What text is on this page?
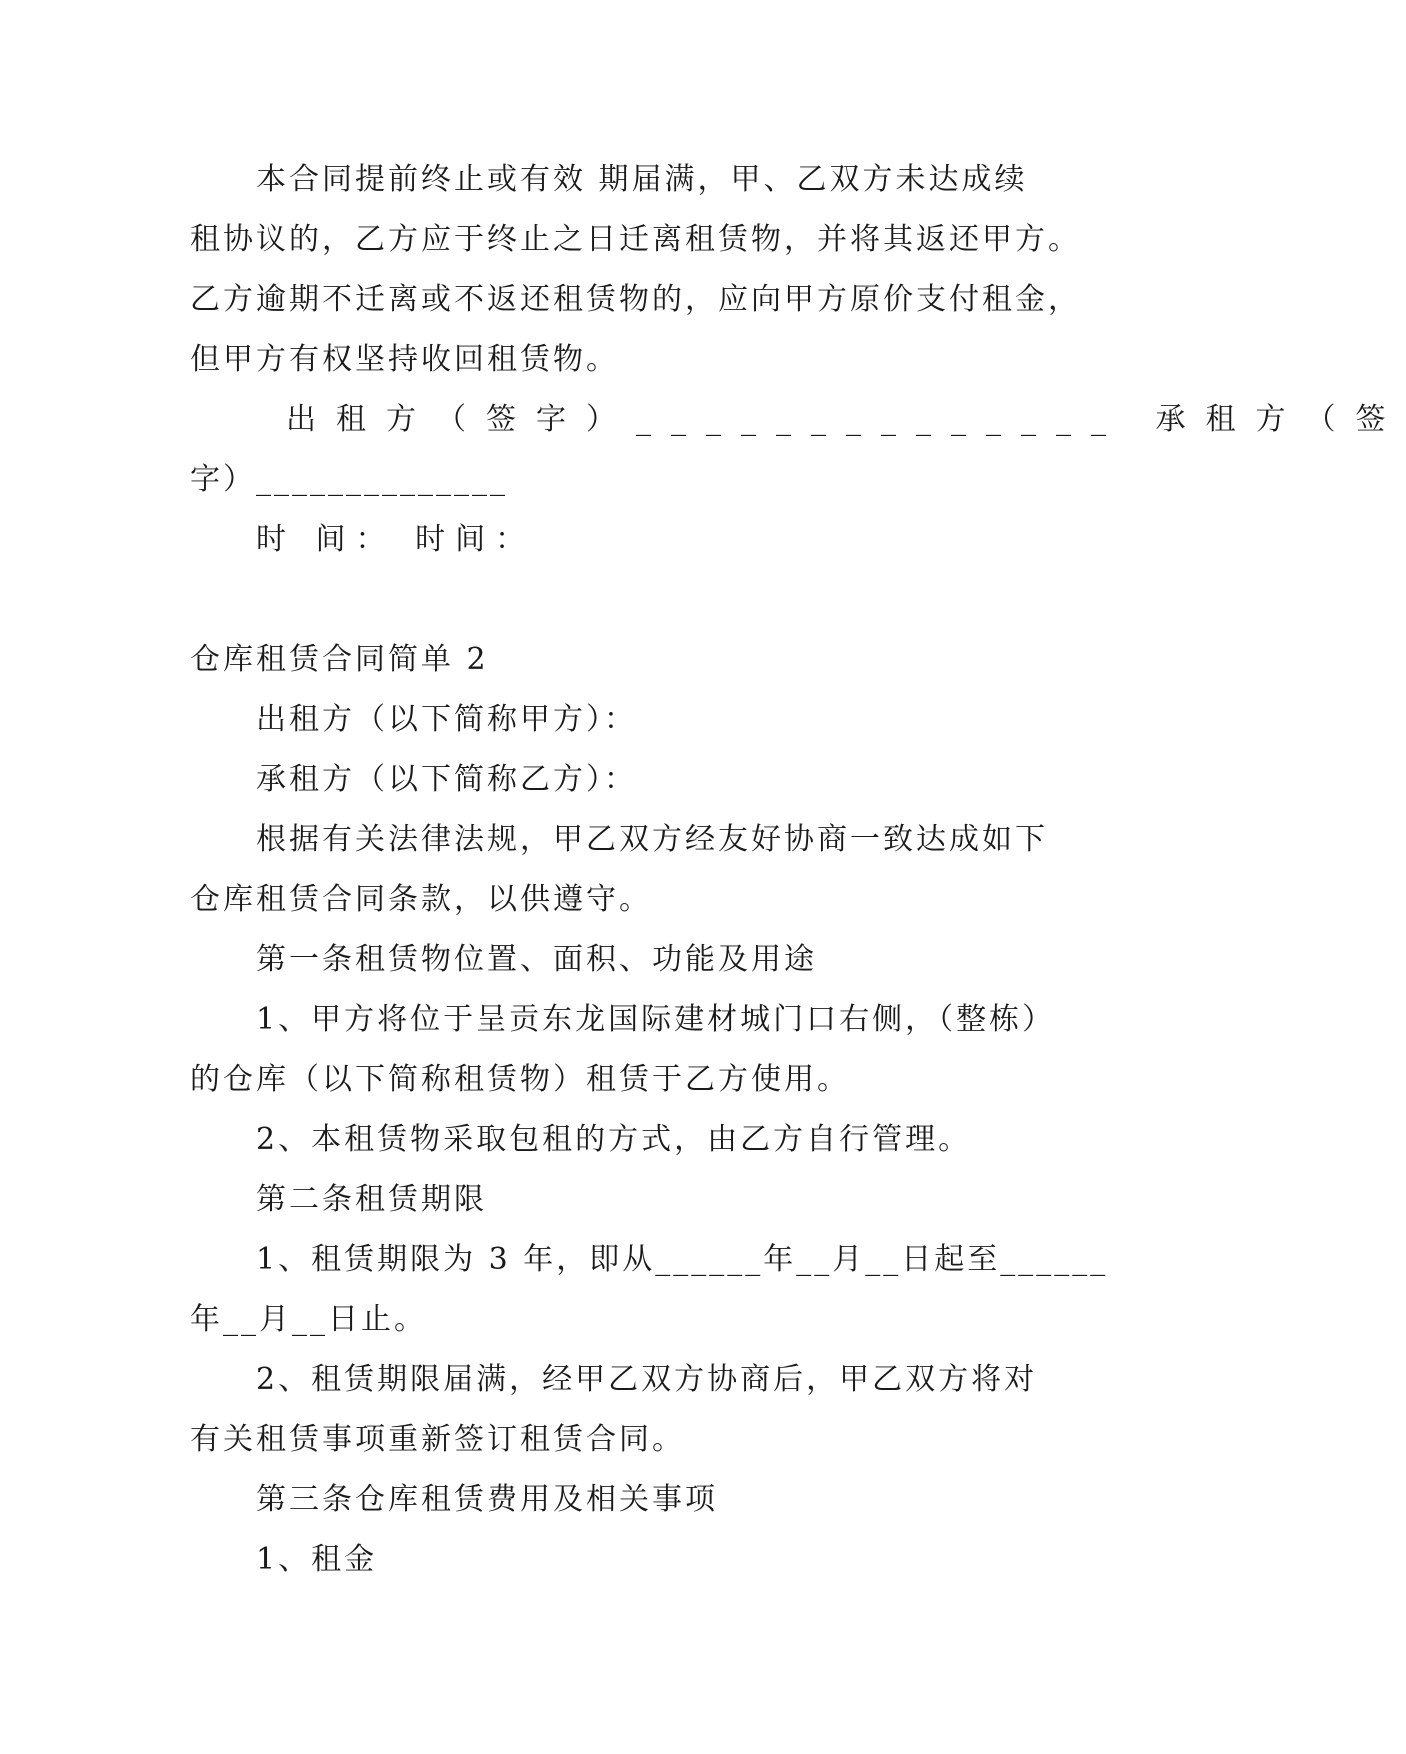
本合同提前终止或有效 期届满，甲、乙双方未达成续
租协议的，乙方应于终止之日迁离租赁物，并将其返还甲方。
乙方逾期不迁离或不返还租赁物的，应向甲方原价支付租金，
但甲方有权坚持收回租赁物。
出租方（签字）______________ 承租方（签
字）______________
时 间： 时间：
仓库租赁合同简单 2
出租方（以下简称甲方）：
承租方（以下简称乙方）：
根据有关法律法规，甲乙双方经友好协商一致达成如下
仓库租赁合同条款，以供遵守。
第一条租赁物位置、面积、功能及用途
1、甲方将位于呈贡东龙国际建材城门口右侧，（整栋）
的仓库（以下简称租赁物）租赁于乙方使用。
2、本租赁物采取包租的方式，由乙方自行管理。
第二条租赁期限
1、租赁期限为 3 年，即从______年__月__日起至______
年__月__日止。
2、租赁期限届满，经甲乙双方协商后，甲乙双方将对
有关租赁事项重新签订租赁合同。
第三条仓库租赁费用及相关事项
1、租金
